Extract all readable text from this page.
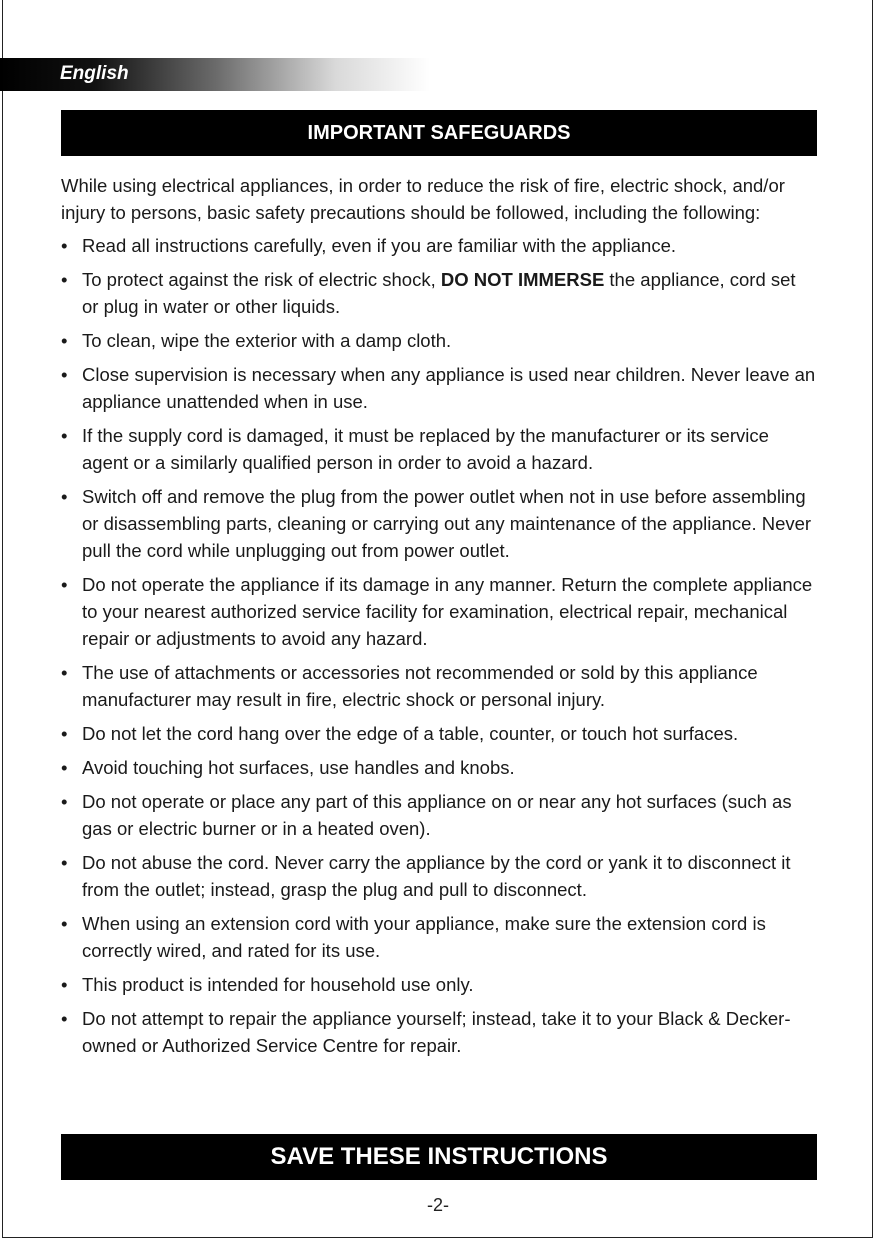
English
IMPORTANT SAFEGUARDS

While using electrical appliances, in order to reduce the risk of fire, electric shock, and/or injury to persons, basic safety precautions should be followed, including the following:

• Read all instructions carefully, even if you are familiar with the appliance.
• To protect against the risk of electric shock, DO NOT IMMERSE the appliance, cord set or plug in water or other liquids.
• To clean, wipe the exterior with a damp cloth.
• Close supervision is necessary when any appliance is used near children. Never leave an appliance unattended when in use.
• If the supply cord is damaged, it must be replaced by the manufacturer or its service agent or a similarly qualified person in order to avoid a hazard.
• Switch off and remove the plug from the power outlet when not in use before assembling or disassembling parts, cleaning or carrying out any maintenance of the appliance. Never pull the cord while unplugging out from power outlet.
• Do not operate the appliance if its damage in any manner. Return the complete appliance to your nearest authorized service facility for examination, electrical repair, mechanical repair or adjustments to avoid any hazard.
• The use of attachments or accessories not recommended or sold by this appliance manufacturer may result in fire, electric shock or personal injury.
• Do not let the cord hang over the edge of a table, counter, or touch hot surfaces.
• Avoid touching hot surfaces, use handles and knobs.
• Do not operate or place any part of this appliance on or near any hot surfaces (such as gas or electric burner or in a heated oven).
• Do not abuse the cord. Never carry the appliance by the cord or yank it to disconnect it from the outlet; instead, grasp the plug and pull to disconnect.
• When using an extension cord with your appliance, make sure the extension cord is correctly wired, and rated for its use.
• This product is intended for household use only.
• Do not attempt to repair the appliance yourself; instead, take it to your Black & Decker-owned or Authorized Service Centre for repair.
SAVE THESE INSTRUCTIONS
-2-
